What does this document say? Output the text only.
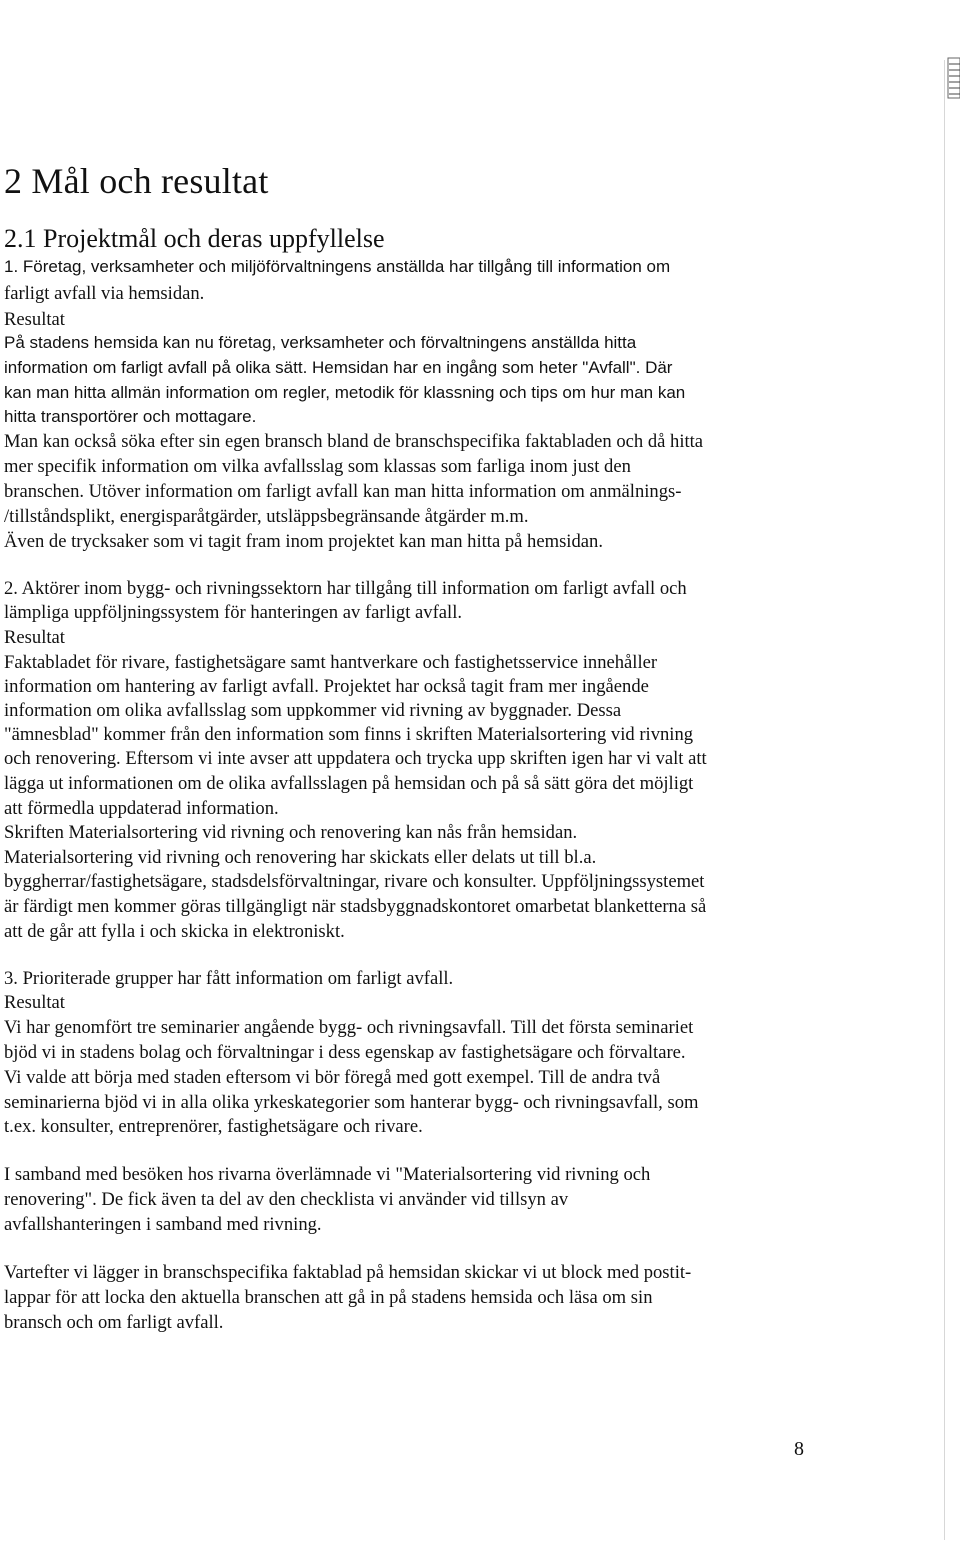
2 Mål och resultat
2.1 Projektmål och deras uppfyllelse
1. Företag, verksamheter och miljöförvaltningens anställda har tillgång till information om
farligt avfall via hemsidan.
Resultat
På stadens hemsida kan nu företag, verksamheter och förvaltningens anställda hitta
information om farligt avfall på olika sätt. Hemsidan har en ingång som heter "Avfall". Där
kan man hitta allmän information om regler, metodik för klassning och tips om hur man kan
hitta transportörer och mottagare.
Man kan också söka efter sin egen bransch bland de branschspecifika faktabladen och då hitta
mer specifik information om vilka avfallsslag som klassas som farliga inom just den
branschen. Utöver information om farligt avfall kan man hitta information om anmälnings-
/tillståndsplikt, energisparåtgärder, utsläppsbegränsande åtgärder m.m.
Även de trycksaker som vi tagit fram inom projektet kan man hitta på hemsidan.
2. Aktörer inom bygg- och rivningssektorn har tillgång till information om farligt avfall och
lämpliga uppföljningssystem för hanteringen av farligt avfall.
Resultat
Faktabladet för rivare, fastighetsägare samt hantverkare och fastighetsservice innehåller
information om hantering av farligt avfall. Projektet har också tagit fram mer ingående
information om olika avfallsslag som uppkommer vid rivning av byggnader. Dessa
"ämnesblad" kommer från den information som finns i skriften Materialsortering vid rivning
och renovering. Eftersom vi inte avser att uppdatera och trycka upp skriften igen har vi valt att
lägga ut informationen om de olika avfallsslagen på hemsidan och på så sätt göra det möjligt
att förmedla uppdaterad information.
Skriften Materialsortering vid rivning och renovering kan nås från hemsidan.
Materialsortering vid rivning och renovering har skickats eller delats ut till bl.a.
byggherrar/fastighetsägare, stadsdelsförvaltningar, rivare och konsulter. Uppföljningssystemet
är färdigt men kommer göras tillgängligt när stadsbyggnadskontoret omarbetat blanketterna så
att de går att fylla i och skicka in elektroniskt.
3. Prioriterade grupper har fått information om farligt avfall.
Resultat
Vi har genomfört tre seminarier angående bygg- och rivningsavfall. Till det första seminariet
bjöd vi in stadens bolag och förvaltningar i dess egenskap av fastighetsägare och förvaltare.
Vi valde att börja med staden eftersom vi bör föregå med gott exempel. Till de andra två
seminarierna bjöd vi in alla olika yrkeskategorier som hanterar bygg- och rivningsavfall, som
t.ex. konsulter, entreprenörer, fastighetsägare och rivare.
I samband med besöken hos rivarna överlämnade vi "Materialsortering vid rivning och
renovering". De fick även ta del av den checklista vi använder vid tillsyn av
avfallshanteringen i samband med rivning.
Vartefter vi lägger in branschspecifika faktablad på hemsidan skickar vi ut block med postit-
lappar för att locka den aktuella branschen att gå in på stadens hemsida och läsa om sin
bransch och om farligt avfall.
8
